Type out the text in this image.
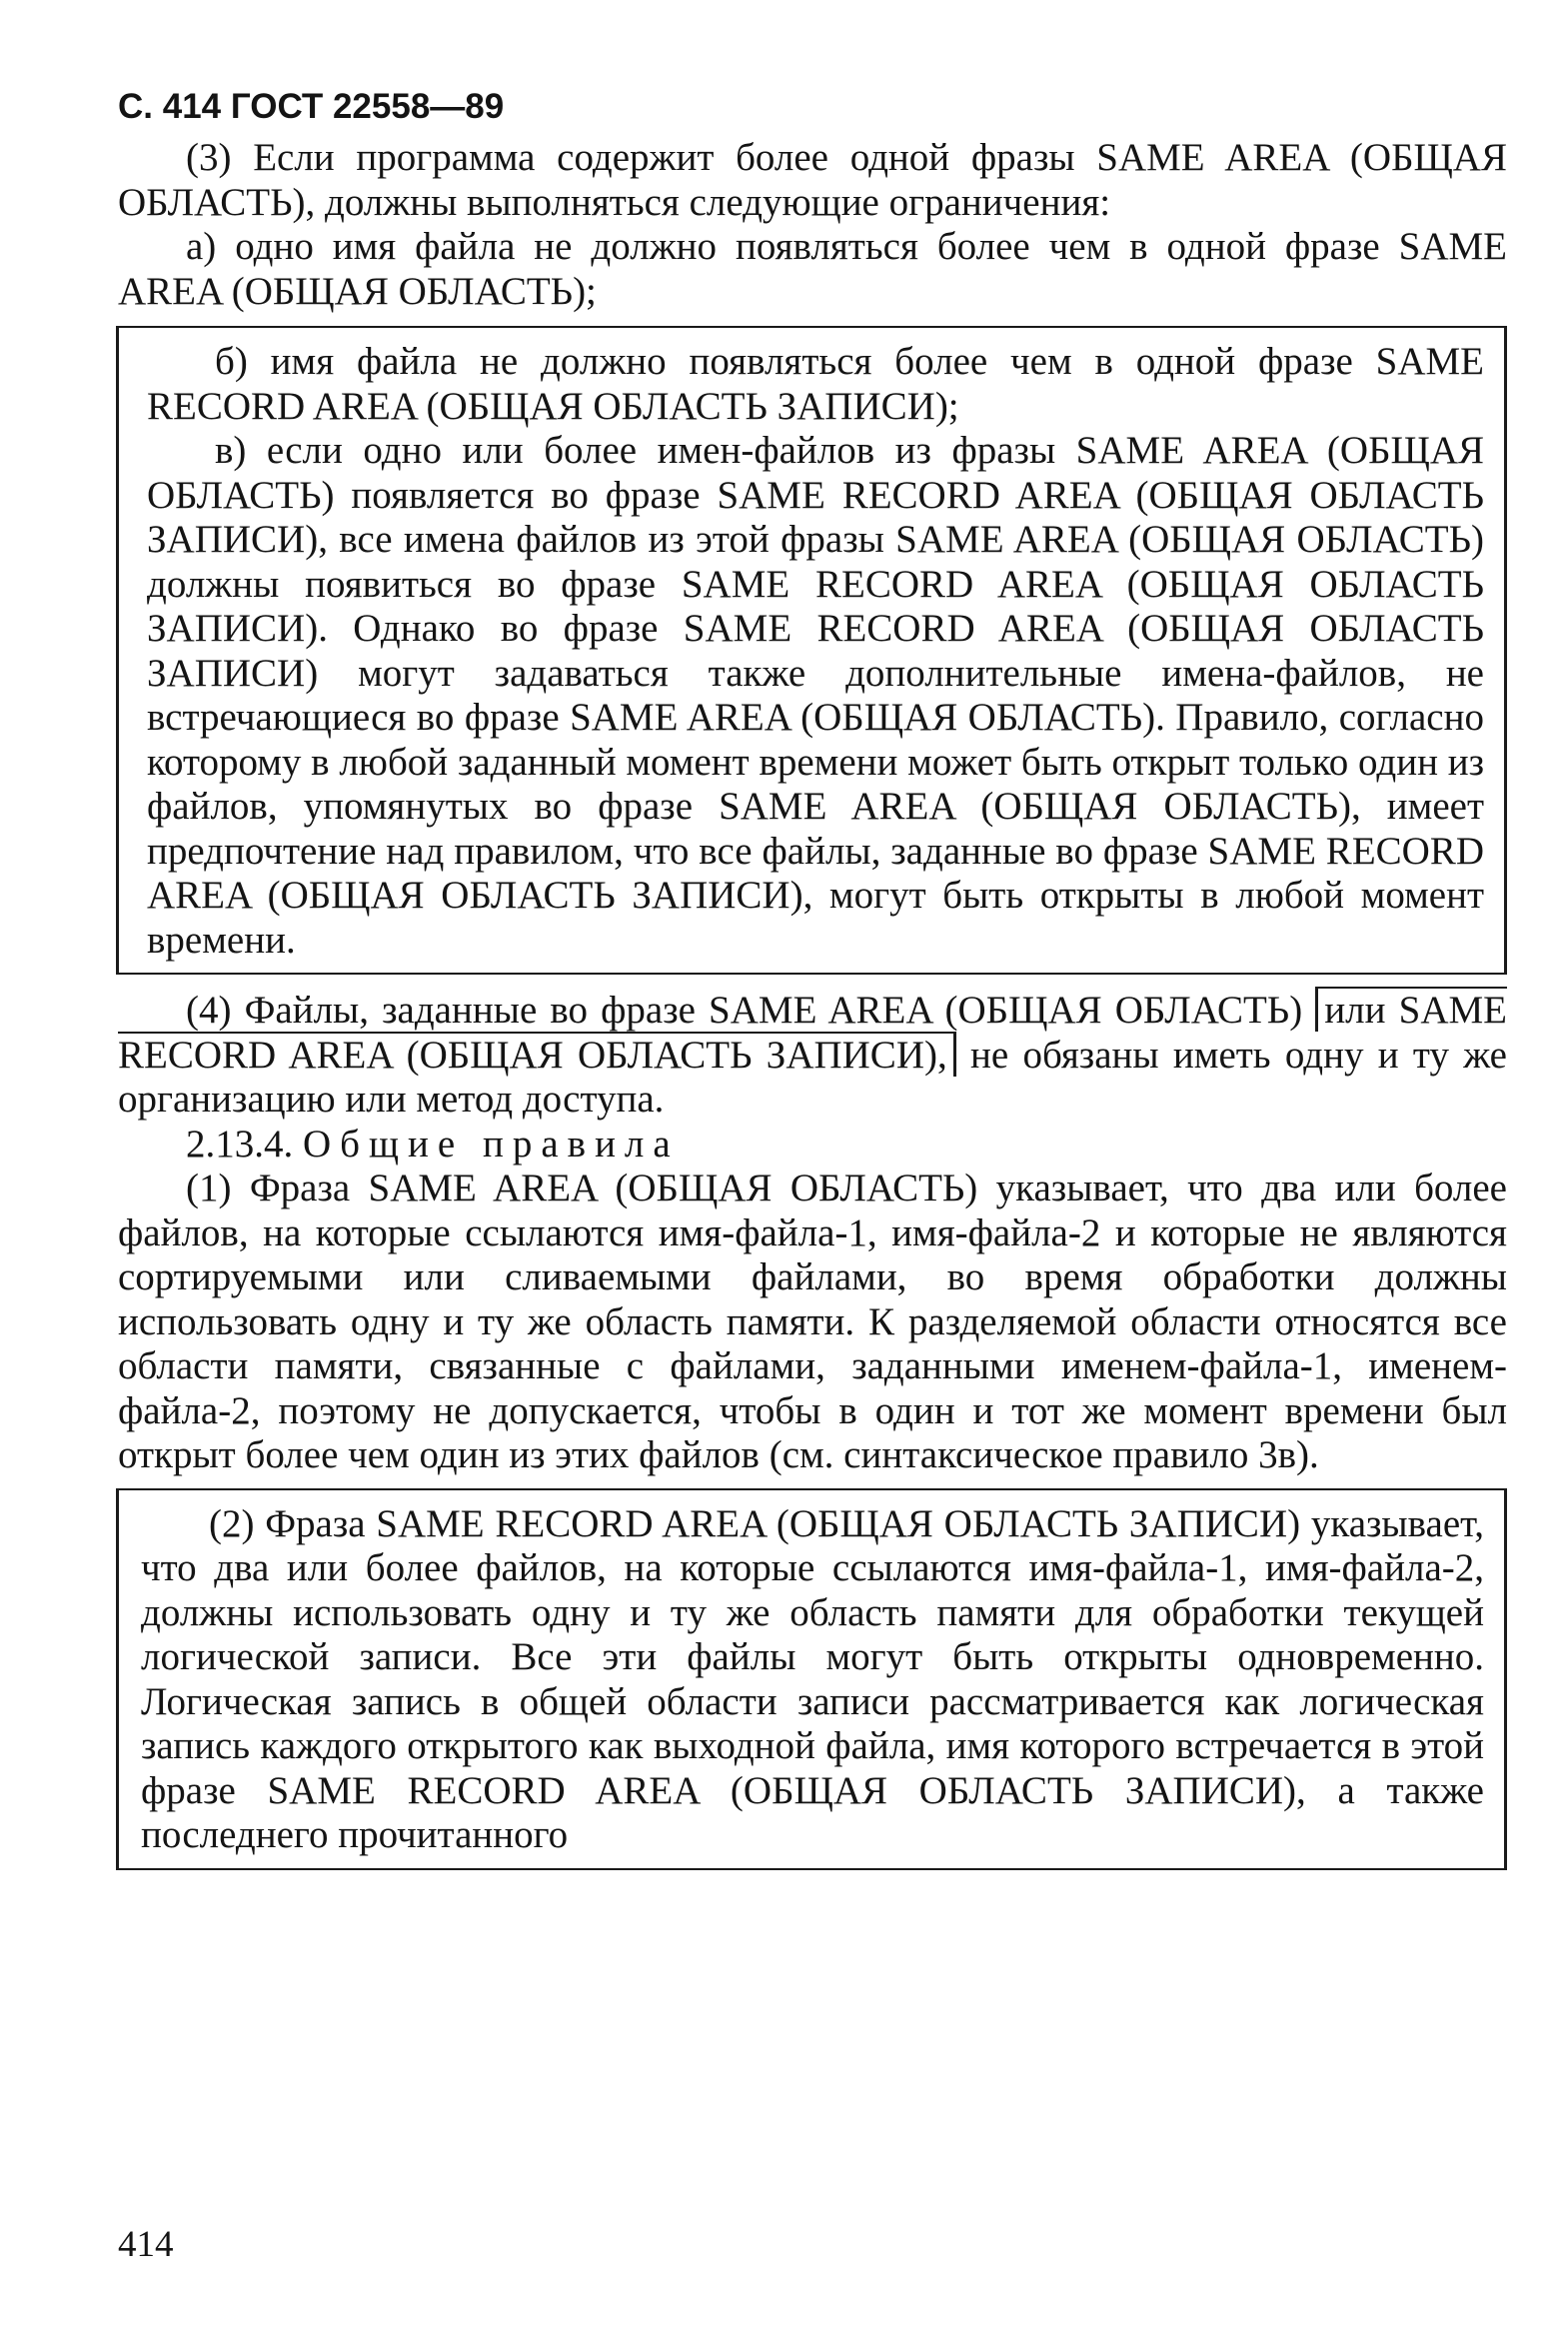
С. 414 ГОСТ 22558—89

(3) Если программа содержит более одной фразы SAME AREA (ОБЩАЯ ОБЛАСТЬ), должны выполняться следующие ограничения:

а) одно имя файла не должно появляться более чем в одной фразе SAME AREA (ОБЩАЯ ОБЛАСТЬ);

б) имя файла не должно появляться более чем в одной фразе SAME RECORD AREA (ОБЩАЯ ОБЛАСТЬ ЗАПИСИ);

в) если одно или более имен-файлов из фразы SAME AREA (ОБЩАЯ ОБЛАСТЬ) появляется во фразе SAME RECORD AREA (ОБЩАЯ ОБЛАСТЬ ЗАПИСИ), все имена файлов из этой фразы SAME AREA (ОБЩАЯ ОБЛАСТЬ) должны появиться во фразе SAME RECORD AREA (ОБЩАЯ ОБЛАСТЬ ЗАПИСИ). Однако во фразе SAME RECORD AREA (ОБЩАЯ ОБЛАСТЬ ЗАПИСИ) могут задаваться также дополнительные имена-файлов, не встречающиеся во фразе SAME AREA (ОБЩАЯ ОБЛАСТЬ). Правило, согласно которому в любой заданный момент времени может быть открыт только один из файлов, упомянутых во фразе SAME AREA (ОБЩАЯ ОБЛАСТЬ), имеет предпочтение над правилом, что все файлы, заданные во фразе SAME RECORD AREA (ОБЩАЯ ОБЛАСТЬ ЗАПИСИ), могут быть открыты в любой момент времени.

(4) Файлы, заданные во фразе SAME AREA (ОБЩАЯ ОБЛАСТЬ) или SAME RECORD AREA (ОБЩАЯ ОБЛАСТЬ ЗАПИСИ), не обязаны иметь одну и ту же организацию или метод доступа.

2.13.4. Общие правила

(1) Фраза SAME AREA (ОБЩАЯ ОБЛАСТЬ) указывает, что два или более файлов, на которые ссылаются имя-файла-1, имя-файла-2 и которые не являются сортируемыми или сливаемыми файлами, во время обработки должны использовать одну и ту же область памяти. К разделяемой области относятся все области памяти, связанные с файлами, заданными именем-файла-1, именем-файла-2, поэтому не допускается, чтобы в один и тот же момент времени был открыт более чем один из этих файлов (см. синтаксическое правило 3в).

(2) Фраза SAME RECORD AREA (ОБЩАЯ ОБЛАСТЬ ЗАПИСИ) указывает, что два или более файлов, на которые ссылаются имя-файла-1, имя-файла-2, должны использовать одну и ту же область памяти для обработки текущей логической записи. Все эти файлы могут быть открыты одновременно. Логическая запись в общей области записи рассматривается как логическая запись каждого открытого как выходной файла, имя которого встречается в этой фразе SAME RECORD AREA (ОБЩАЯ ОБЛАСТЬ ЗАПИСИ), а также последнего прочитанного

414
